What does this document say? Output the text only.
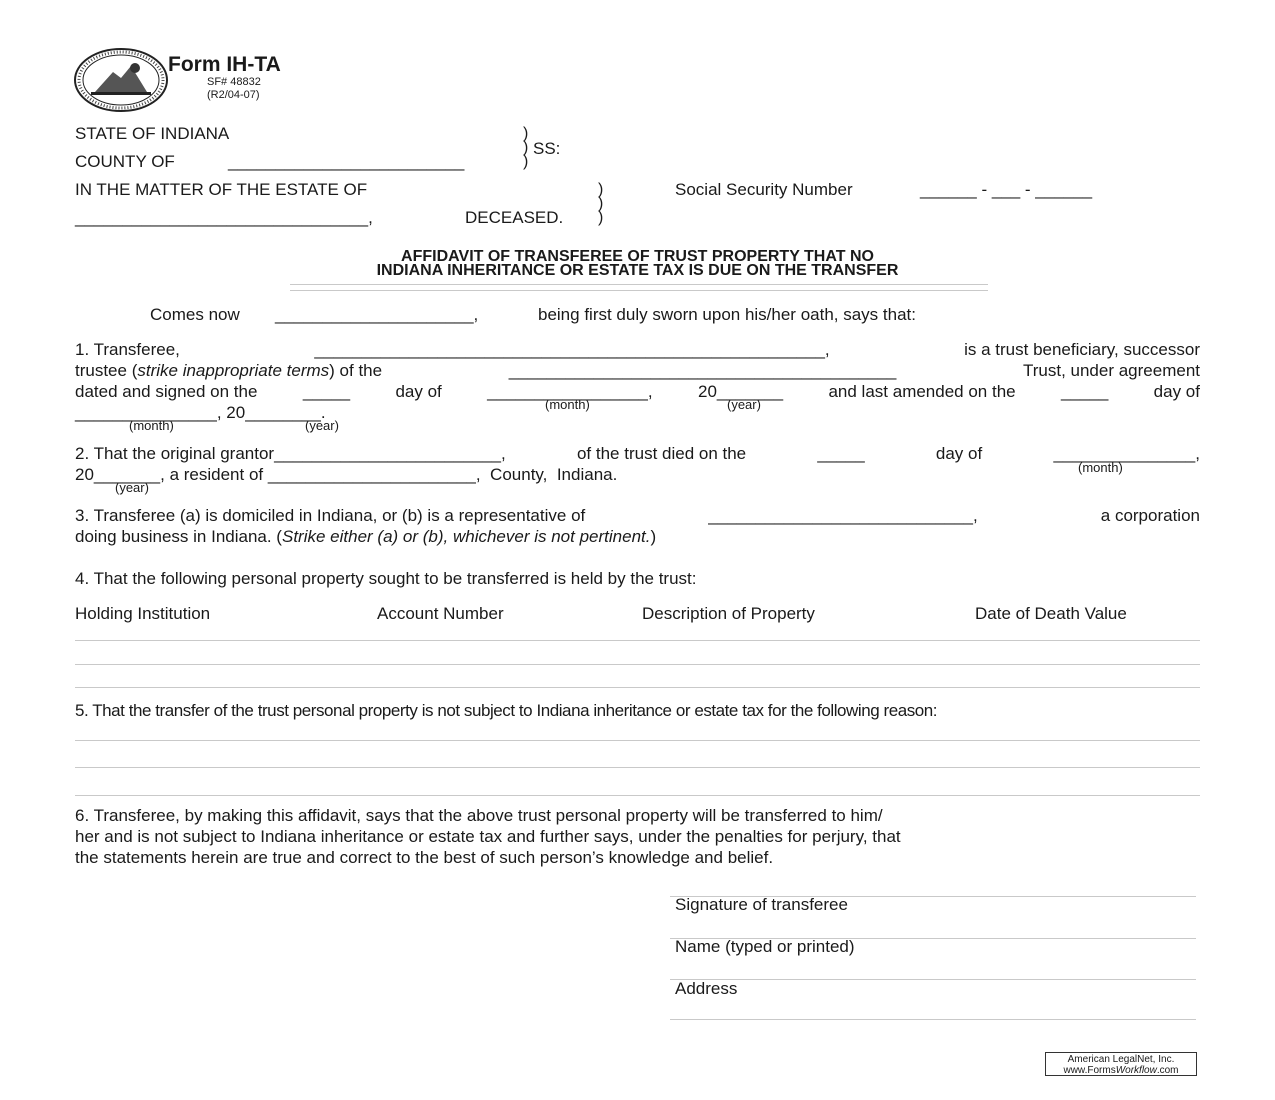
Form IH-TA
SF# 48832
(R2/04-07)
STATE OF INDIANA
COUNTY OF	_________________________
)
)
)
SS:
IN THE MATTER OF THE ESTATE OF
_______________________________,	DECEASED.
)
)
)
Social Security Number	______ - ___ - ______
AFFIDAVIT OF TRANSFEREE OF TRUST PROPERTY THAT NO
INDIANA INHERITANCE OR ESTATE TAX IS DUE ON THE TRANSFER
Comes now _____________________,	being first duly sworn upon his/her oath, says that:
1. Transferee,	______________________________________________________,	is a trust beneficiary, successor
trustee (strike inappropriate terms) of the	_________________________________________	Trust, under agreement
dated and signed on the	_____	day of	_________________,	20_______	and last amended on the	_____	day of
(month)	(year)
_______________, 20________.
(month)	(year)
2. That the original grantor________________________,	of the trust died on the	_____	day of	_______________,
(month)
20_______, a resident of ______________________, County, Indiana.
(year)
3. Transferee (a) is domiciled in Indiana, or (b) is a representative of	____________________________,	a corporation
doing business in Indiana. (Strike either (a) or (b), whichever is not pertinent.)
4. That the following personal property sought to be transferred is held by the trust:
Holding Institution	Account Number	Description of Property	Date of Death Value
5. That the transfer of the trust personal property is not subject to Indiana inheritance or estate tax for the following reason:
6. Transferee, by making this affidavit, says that the above trust personal property will be transferred to him/
her and is not subject to Indiana inheritance or estate tax and further says, under the penalties for perjury, that
the statements herein are true and correct to the best of such person’s knowledge and belief.
Signature of transferee
Name (typed or printed)
Address
American LegalNet, Inc.
www.FormsWorkflow.com
